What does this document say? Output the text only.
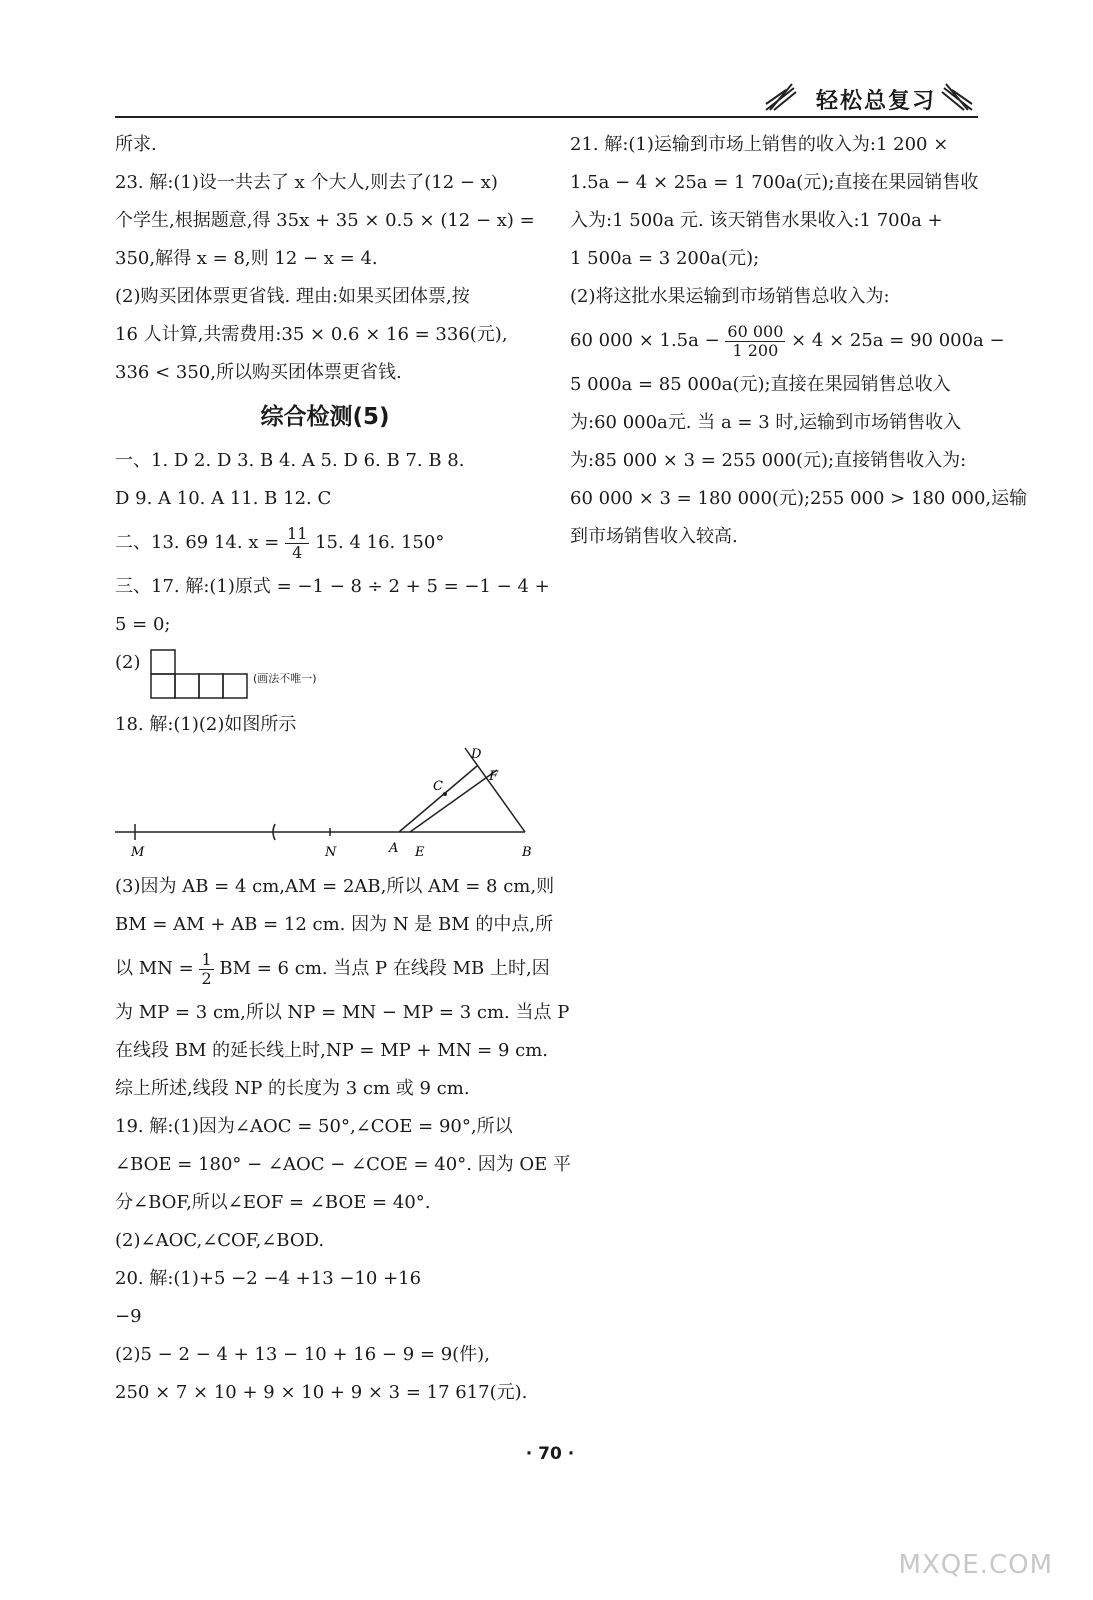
轻松总复习
所求.
23. 解:(1)设一共去了 x 个大人,则去了(12 − x)
个学生,根据题意,得 35x + 35 × 0.5 × (12 − x) =
350,解得 x = 8,则 12 − x = 4.
(2)购买团体票更省钱. 理由:如果买团体票,按
16 人计算,共需费用:35 × 0.6 × 16 = 336(元),
336 < 350,所以购买团体票更省钱.
综合检测(5)
一、1. D 2. D 3. B 4. A 5. D 6. B 7. B 8.
D 9. A 10. A 11. B 12. C
二、13. 69 14. $x = \frac{11}{4} 15$. 4 16. 150°
三、17. 解:(1)原式 = −1 − 8 ÷ 2 + 5 = −1 − 4 +
5 = 0;
(2)
(画法不唯一)
18. 解:(1)(2)如图所示
M	N	A E	B
C
D
F
(3)因为 AB = 4 cm,AM = 2AB,所以 AM = 8 cm,则
BM = AM + AB = 12 cm. 因为 N 是 BM 的中点,所
以 MN = $\frac{1}{2}$ BM = 6 cm. 当点 P 在线段 MB 上时,因
为 MP = 3 cm,所以 NP = MN − MP = 3 cm. 当点 P
在线段 BM 的延长线上时,NP = MP + MN = 9 cm.
综上所述,线段 NP 的长度为 3 cm 或 9 cm.
19. 解:(1)因为∠AOC = 50°,∠COE = 90°,所以
∠BOE = 180° − ∠AOC − ∠COE = 40°. 因为 OE 平
分∠BOF,所以∠EOF = ∠BOE = 40°.
(2)∠AOC,∠COF,∠BOD.
20. 解:(1)+5 −2 −4 +13 −10 +16
−9
(2)5 − 2 − 4 + 13 − 10 + 16 − 9 = 9(件),
250 × 7 × 10 + 9 × 10 + 9 × 3 = 17 617(元).
21. 解:(1)运输到市场上销售的收入为:1 200 ×
1.5a − 4 × 25a = 1 700a(元);直接在果园销售收
入为:1 500a 元. 该天销售水果收入:1 700a +
1 500a = 3 200a(元);
(2)将这批水果运输到市场销售总收入为:
60 $000 \times 1.5a - \frac{60 000}{1 200} \times 4 \times 25a = 90$ 000a −
5 000a = 85 000a(元);直接在果园销售总收入
为:60 000a元. 当 a = 3 时,运输到市场销售收入
为:85 000 × 3 = 255 000(元);直接销售收入为:
60 000 × 3 = 180 000(元);255 000 > 180 000,运输
到市场销售收入较高.
· 70 ·
MXQE.COM
